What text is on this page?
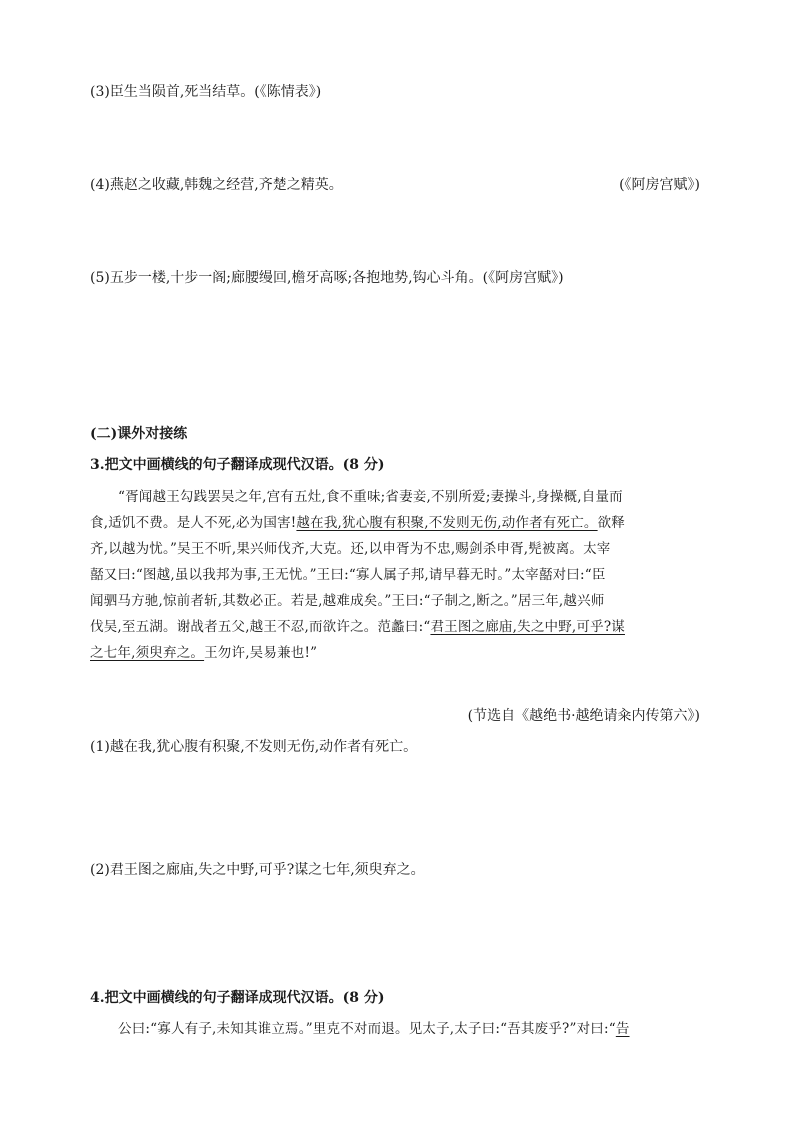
(3)臣生当陨首,死当结草。(《陈情表》)
(4)燕赵之收藏,韩魏之经营,齐楚之精英。	(《阿房宫赋》)
(5)五步一楼,十步一阁;廊腰缦回,檐牙高啄;各抱地势,钩心斗角。(《阿房宫赋》)
(二)课外对接练
3.把文中画横线的句子翻译成现代汉语。(8 分)
“胥闻越王勾践罢吴之年,宫有五灶,食不重味;省妻妾,不别所爱;妻操斗,身操概,自量而
食,适饥不费。是人不死,必为国害!越在我,犹心腹有积聚,不发则无伤,动作者有死亡。欲释
齐,以越为忧。”吴王不听,果兴师伐齐,大克。还,以申胥为不忠,赐剑杀申胥,髡被离。太宰
嚭又曰:“图越,虽以我邦为事,王无忧。”王曰:“寡人属子邦,请早暮无时。”太宰嚭对曰:“臣
闻驷马方驰,惊前者斩,其数必正。若是,越难成矣。”王曰:“子制之,断之。”居三年,越兴师
伐吴,至五湖。谢战者五父,越王不忍,而欲许之。范蠡曰:“君王图之廊庙,失之中野,可乎?谋
之七年,须臾弃之。王勿许,吴易兼也!”
(节选自《越绝书·越绝请籴内传第六》)
(1)越在我,犹心腹有积聚,不发则无伤,动作者有死亡。
(2)君王图之廊庙,失之中野,可乎?谋之七年,须臾弃之。
4.把文中画横线的句子翻译成现代汉语。(8 分)
公曰:“寡人有子,未知其谁立焉。”里克不对而退。见太子,太子曰:“吾其废乎?”对曰:“告
